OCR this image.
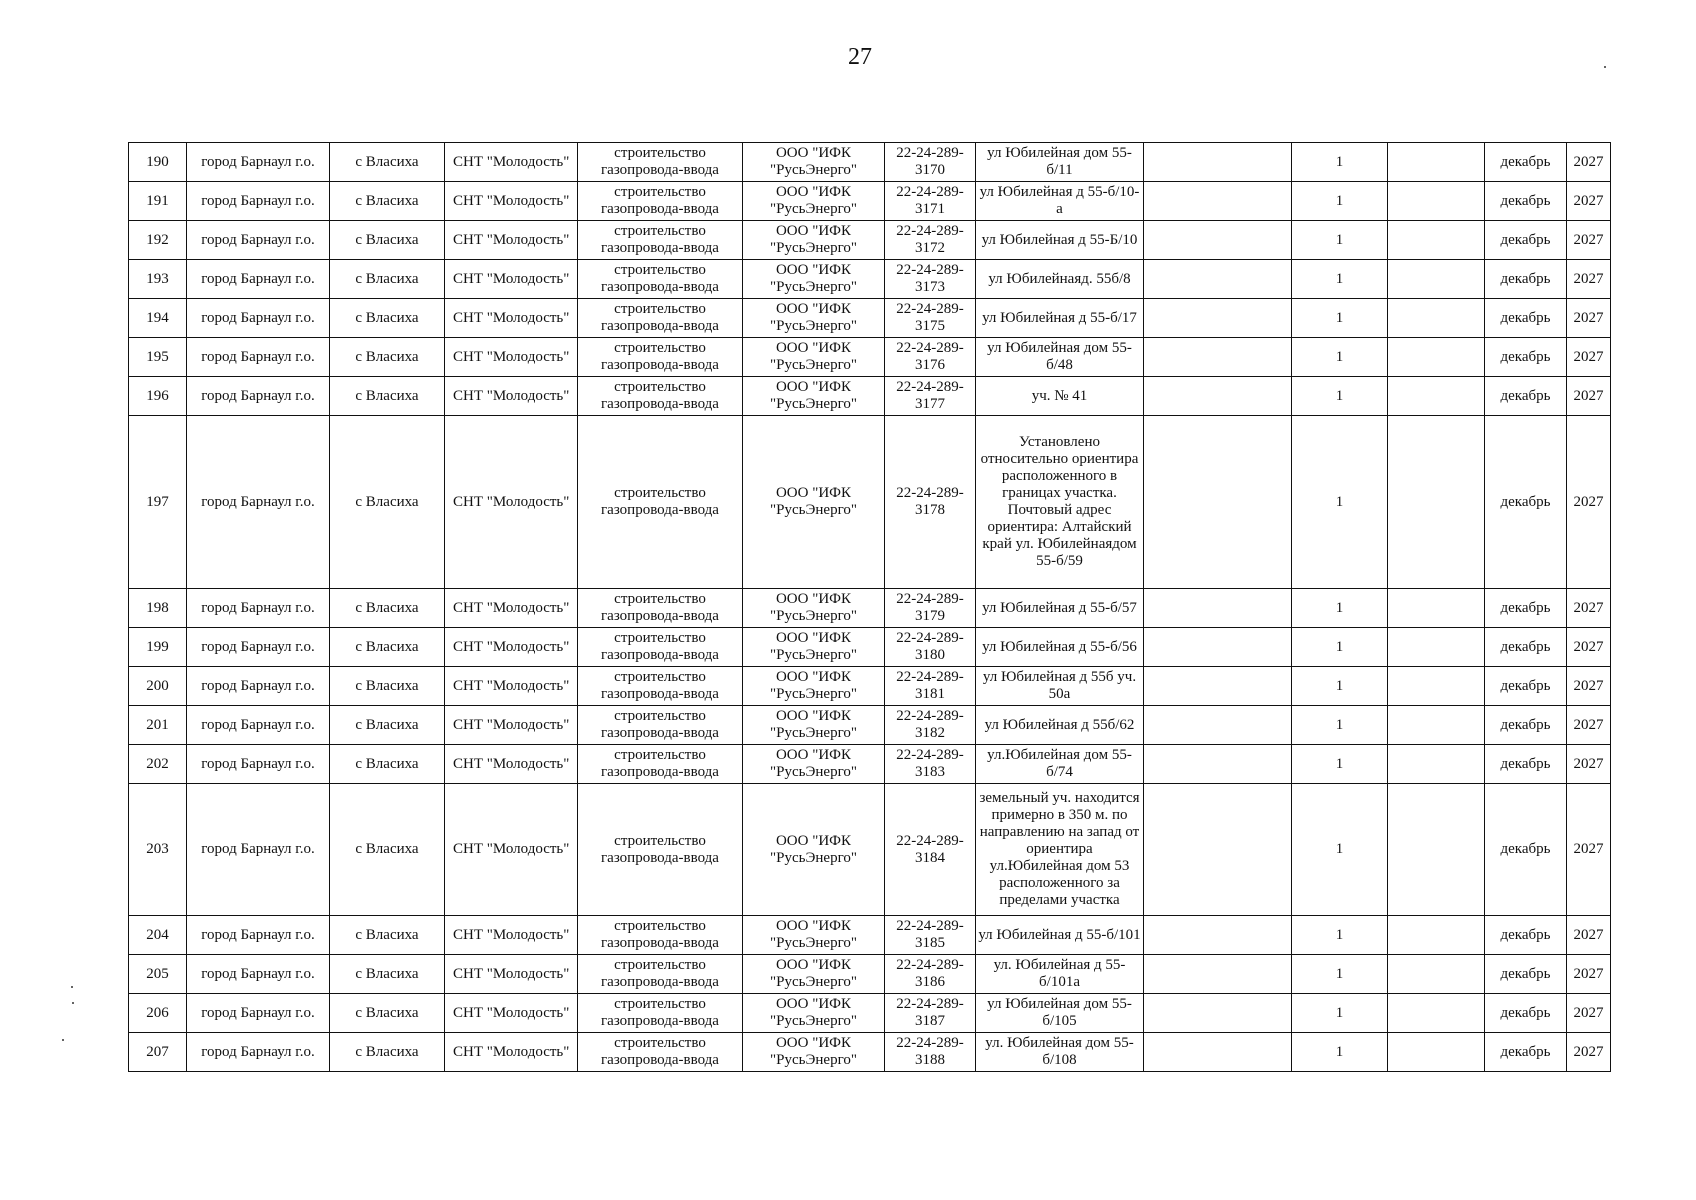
27
190	город Барнаул г.о.	с Власиха	СНТ "Молодость"	строительство газопровода-ввода	ООО "ИФК "РусьЭнерго"	22-24-289-3170	ул Юбилейная дом 55-б/11		1		декабрь	2027
191	город Барнаул г.о.	с Власиха	СНТ "Молодость"	строительство газопровода-ввода	ООО "ИФК "РусьЭнерго"	22-24-289-3171	ул Юбилейная д 55-б/10-а		1		декабрь	2027
192	город Барнаул г.о.	с Власиха	СНТ "Молодость"	строительство газопровода-ввода	ООО "ИФК "РусьЭнерго"	22-24-289-3172	ул Юбилейная д 55-Б/10		1		декабрь	2027
193	город Барнаул г.о.	с Власиха	СНТ "Молодость"	строительство газопровода-ввода	ООО "ИФК "РусьЭнерго"	22-24-289-3173	ул Юбилейнаяд. 55б/8		1		декабрь	2027
194	город Барнаул г.о.	с Власиха	СНТ "Молодость"	строительство газопровода-ввода	ООО "ИФК "РусьЭнерго"	22-24-289-3175	ул Юбилейная д 55-б/17		1		декабрь	2027
195	город Барнаул г.о.	с Власиха	СНТ "Молодость"	строительство газопровода-ввода	ООО "ИФК "РусьЭнерго"	22-24-289-3176	ул Юбилейная дом 55-б/48		1		декабрь	2027
196	город Барнаул г.о.	с Власиха	СНТ "Молодость"	строительство газопровода-ввода	ООО "ИФК "РусьЭнерго"	22-24-289-3177	уч. № 41		1		декабрь	2027
197	город Барнаул г.о.	с Власиха	СНТ "Молодость"	строительство газопровода-ввода	ООО "ИФК "РусьЭнерго"	22-24-289-3178	Установлено относительно ориентира расположенного в границах участка. Почтовый адрес ориентира: Алтайский край ул. Юбилейнаядом 55-б/59		1		декабрь	2027
198	город Барнаул г.о.	с Власиха	СНТ "Молодость"	строительство газопровода-ввода	ООО "ИФК "РусьЭнерго"	22-24-289-3179	ул Юбилейная д 55-б/57		1		декабрь	2027
199	город Барнаул г.о.	с Власиха	СНТ "Молодость"	строительство газопровода-ввода	ООО "ИФК "РусьЭнерго"	22-24-289-3180	ул Юбилейная д 55-б/56		1		декабрь	2027
200	город Барнаул г.о.	с Власиха	СНТ "Молодость"	строительство газопровода-ввода	ООО "ИФК "РусьЭнерго"	22-24-289-3181	ул Юбилейная д 55б уч. 50а		1		декабрь	2027
201	город Барнаул г.о.	с Власиха	СНТ "Молодость"	строительство газопровода-ввода	ООО "ИФК "РусьЭнерго"	22-24-289-3182	ул Юбилейная д 55б/62		1		декабрь	2027
202	город Барнаул г.о.	с Власиха	СНТ "Молодость"	строительство газопровода-ввода	ООО "ИФК "РусьЭнерго"	22-24-289-3183	ул.Юбилейная дом 55-б/74		1		декабрь	2027
203	город Барнаул г.о.	с Власиха	СНТ "Молодость"	строительство газопровода-ввода	ООО "ИФК "РусьЭнерго"	22-24-289-3184	земельный уч. находится примерно в 350 м. по направлению на запад от ориентира ул.Юбилейная дом 53 расположенного за пределами участка		1		декабрь	2027
204	город Барнаул г.о.	с Власиха	СНТ "Молодость"	строительство газопровода-ввода	ООО "ИФК "РусьЭнерго"	22-24-289-3185	ул Юбилейная д 55-б/101		1		декабрь	2027
205	город Барнаул г.о.	с Власиха	СНТ "Молодость"	строительство газопровода-ввода	ООО "ИФК "РусьЭнерго"	22-24-289-3186	ул. Юбилейная д 55-б/101а		1		декабрь	2027
206	город Барнаул г.о.	с Власиха	СНТ "Молодость"	строительство газопровода-ввода	ООО "ИФК "РусьЭнерго"	22-24-289-3187	ул Юбилейная дом 55-б/105		1		декабрь	2027
207	город Барнаул г.о.	с Власиха	СНТ "Молодость"	строительство газопровода-ввода	ООО "ИФК "РусьЭнерго"	22-24-289-3188	ул. Юбилейная дом 55-б/108		1		декабрь	2027
